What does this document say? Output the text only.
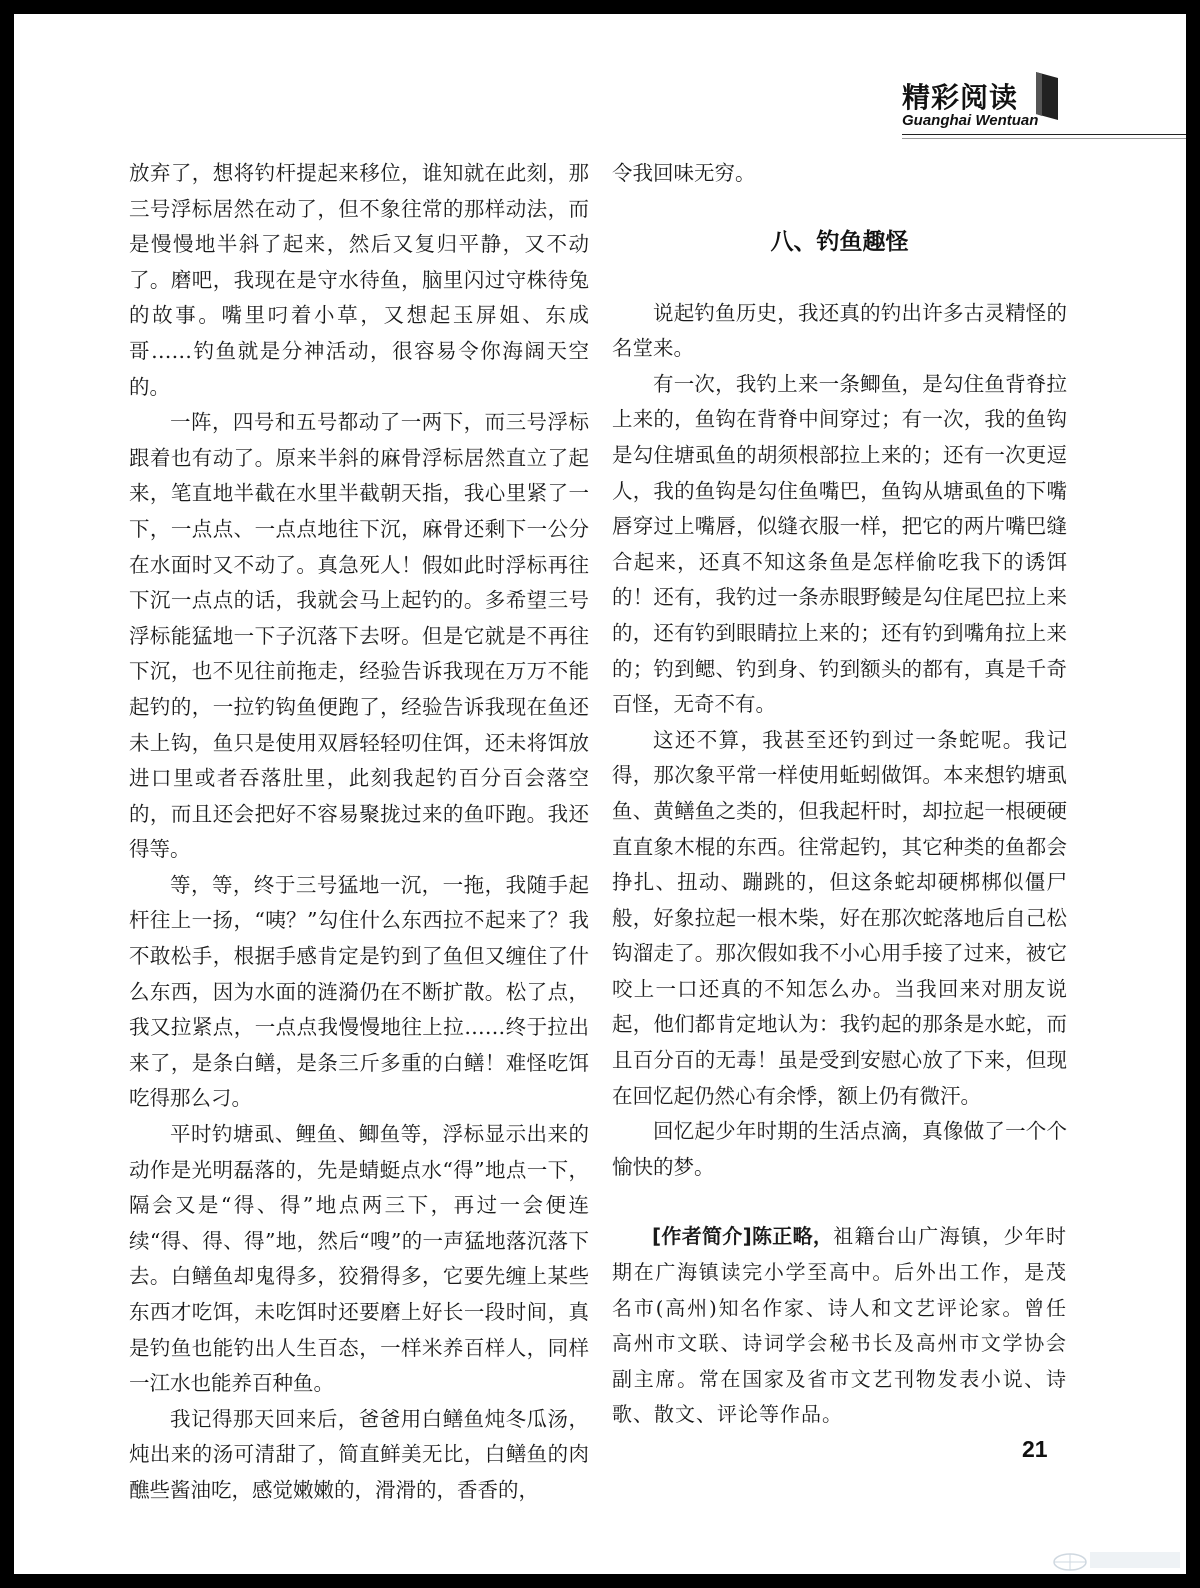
精彩阅读
Guanghai Wentuan

放弃了，想将钓杆提起来移位，谁知就在此刻，那三号浮标居然在动了，但不象往常的那样动法，而是慢慢地半斜了起来，然后又复归平静，又不动了。磨吧，我现在是守水待鱼，脑里闪过守株待兔的故事。嘴里叼着小草，又想起玉屏姐、东成哥……钓鱼就是分神活动，很容易令你海阔天空的。

一阵，四号和五号都动了一两下，而三号浮标跟着也有动了。原来半斜的麻骨浮标居然直立了起来，笔直地半截在水里半截朝天指，我心里紧了一下，一点点、一点点地往下沉，麻骨还剩下一公分在水面时又不动了。真急死人！假如此时浮标再往下沉一点点的话，我就会马上起钓的。多希望三号浮标能猛地一下子沉落下去呀。但是它就是不再往下沉，也不见往前拖走，经验告诉我现在万万不能起钓的，一拉钓钩鱼便跑了，经验告诉我现在鱼还未上钩，鱼只是使用双唇轻轻叨住饵，还未将饵放进口里或者吞落肚里，此刻我起钓百分百会落空的，而且还会把好不容易聚拢过来的鱼吓跑。我还得等。

等，等，终于三号猛地一沉，一拖，我随手起杆往上一扬，“咦？”勾住什么东西拉不起来了？我不敢松手，根据手感肯定是钓到了鱼但又缠住了什么东西，因为水面的涟漪仍在不断扩散。松了点，我又拉紧点，一点点我慢慢地往上拉……终于拉出来了，是条白鳝，是条三斤多重的白鳝！难怪吃饵吃得那么刁。

平时钓塘虱、鲤鱼、鲫鱼等，浮标显示出来的动作是光明磊落的，先是蜻蜓点水“得”地点一下，隔会又是“得、得”地点两三下，再过一会便连续“得、得、得”地，然后“嗖”的一声猛地落沉落下去。白鳝鱼却鬼得多，狡猾得多，它要先缠上某些东西才吃饵，未吃饵时还要磨上好长一段时间，真是钓鱼也能钓出人生百态，一样米养百样人，同样一江水也能养百种鱼。

我记得那天回来后，爸爸用白鳝鱼炖冬瓜汤，炖出来的汤可清甜了，简直鲜美无比，白鳝鱼的肉醮些酱油吃，感觉嫩嫩的，滑滑的，香香的，

令我回味无穷。

八、钓鱼趣怪

说起钓鱼历史，我还真的钓出许多古灵精怪的名堂来。

有一次，我钓上来一条鲫鱼，是勾住鱼背脊拉上来的，鱼钩在背脊中间穿过；有一次，我的鱼钩是勾住塘虱鱼的胡须根部拉上来的；还有一次更逗人，我的鱼钩是勾住鱼嘴巴，鱼钩从塘虱鱼的下嘴唇穿过上嘴唇，似缝衣服一样，把它的两片嘴巴缝合起来，还真不知这条鱼是怎样偷吃我下的诱饵的！还有，我钓过一条赤眼野鲮是勾住尾巴拉上来的，还有钓到眼睛拉上来的；还有钓到嘴角拉上来的；钓到鳃、钓到身、钓到额头的都有，真是千奇百怪，无奇不有。

这还不算，我甚至还钓到过一条蛇呢。我记得，那次象平常一样使用蚯蚓做饵。本来想钓塘虱鱼、黄鳝鱼之类的，但我起杆时，却拉起一根硬硬直直象木棍的东西。往常起钓，其它种类的鱼都会挣扎、扭动、蹦跳的，但这条蛇却硬梆梆似僵尸般，好象拉起一根木柴，好在那次蛇落地后自己松钩溜走了。那次假如我不小心用手接了过来，被它咬上一口还真的不知怎么办。当我回来对朋友说起，他们都肯定地认为：我钓起的那条是水蛇，而且百分百的无毒！虽是受到安慰心放了下来，但现在回忆起仍然心有余悸，额上仍有微汗。

回忆起少年时期的生活点滴，真像做了一个个愉快的梦。

[作者简介]陈正略，祖籍台山广海镇，少年时期在广海镇读完小学至高中。后外出工作，是茂名市(高州)知名作家、诗人和文艺评论家。曾任高州市文联、诗词学会秘书长及高州市文学协会副主席。常在国家及省市文艺刊物发表小说、诗歌、散文、评论等作品。
21
